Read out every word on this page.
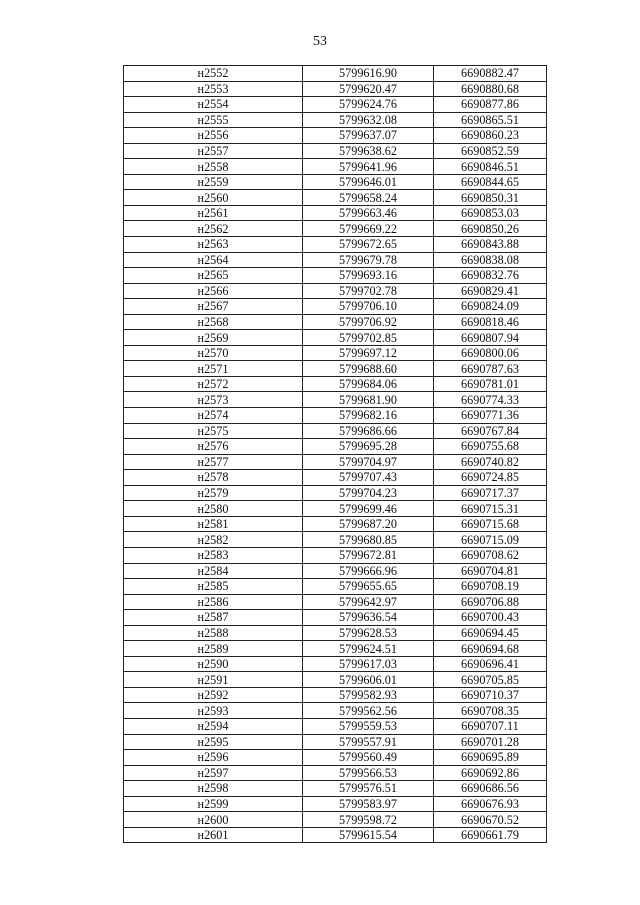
53
н2552	5799616.90	6690882.47
н2553	5799620.47	6690880.68
н2554	5799624.76	6690877.86
н2555	5799632.08	6690865.51
н2556	5799637.07	6690860.23
н2557	5799638.62	6690852.59
н2558	5799641.96	6690846.51
н2559	5799646.01	6690844.65
н2560	5799658.24	6690850.31
н2561	5799663.46	6690853.03
н2562	5799669.22	6690850.26
н2563	5799672.65	6690843.88
н2564	5799679.78	6690838.08
н2565	5799693.16	6690832.76
н2566	5799702.78	6690829.41
н2567	5799706.10	6690824.09
н2568	5799706.92	6690818.46
н2569	5799702.85	6690807.94
н2570	5799697.12	6690800.06
н2571	5799688.60	6690787.63
н2572	5799684.06	6690781.01
н2573	5799681.90	6690774.33
н2574	5799682.16	6690771.36
н2575	5799686.66	6690767.84
н2576	5799695.28	6690755.68
н2577	5799704.97	6690740.82
н2578	5799707.43	6690724.85
н2579	5799704.23	6690717.37
н2580	5799699.46	6690715.31
н2581	5799687.20	6690715.68
н2582	5799680.85	6690715.09
н2583	5799672.81	6690708.62
н2584	5799666.96	6690704.81
н2585	5799655.65	6690708.19
н2586	5799642.97	6690706.88
н2587	5799636.54	6690700.43
н2588	5799628.53	6690694.45
н2589	5799624.51	6690694.68
н2590	5799617.03	6690696.41
н2591	5799606.01	6690705.85
н2592	5799582.93	6690710.37
н2593	5799562.56	6690708.35
н2594	5799559.53	6690707.11
н2595	5799557.91	6690701.28
н2596	5799560.49	6690695.89
н2597	5799566.53	6690692.86
н2598	5799576.51	6690686.56
н2599	5799583.97	6690676.93
н2600	5799598.72	6690670.52
н2601	5799615.54	6690661.79
